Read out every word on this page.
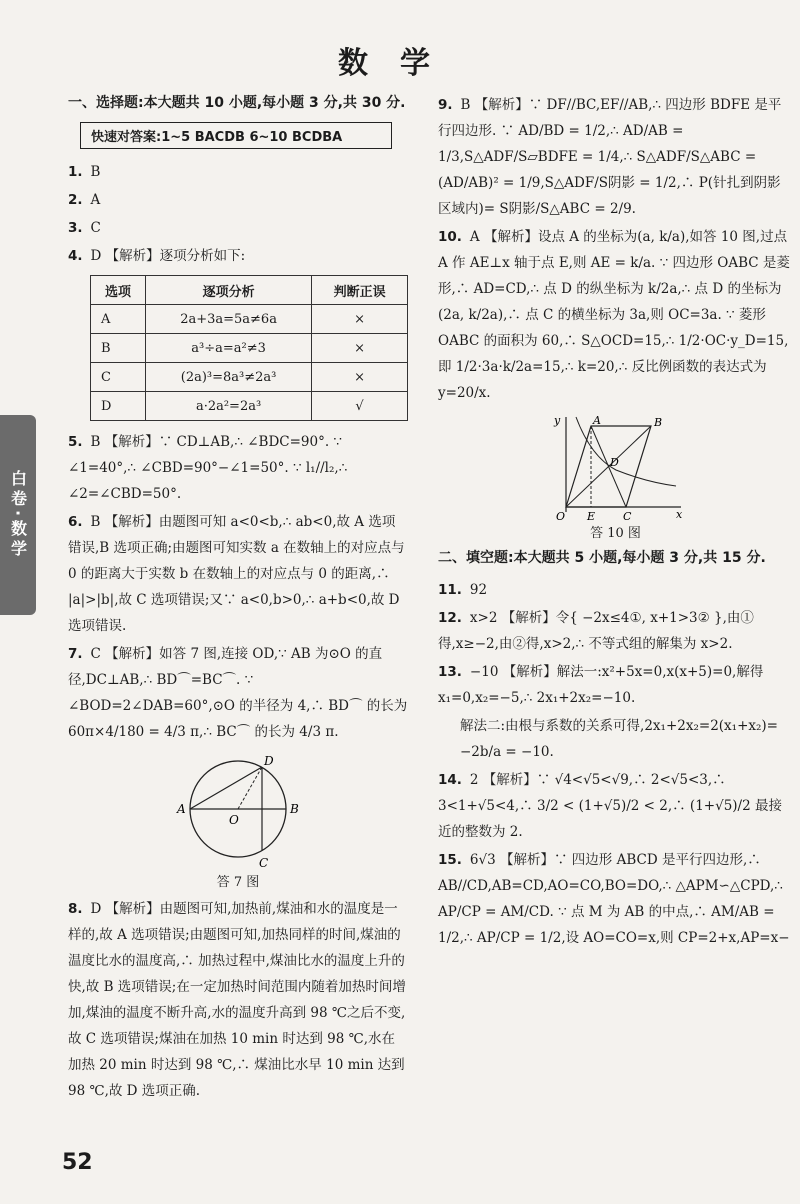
数学
白卷·数学
一、选择题:本大题共 10 小题,每小题 3 分,共 30 分.
快速对答案:1~5 BACDB 6~10 BCDBA
1. B
2. A
3. C
4. D 【解析】逐项分析如下:
选项	逐项分析	判断正误
A	2a+3a=5a≠6a	×
B	a³÷a=a²≠3	×
C	(2a)³=8a³≠2a³	×
D	a·2a²=2a³	√
5. B 【解析】∵ CD⊥AB,∴ ∠BDC=90°. ∵ ∠1=40°,∴ ∠CBD=90°−∠1=50°. ∵ l₁//l₂,∴ ∠2=∠CBD=50°.
6. B 【解析】由题图可知 a<0<b,∴ ab<0,故 A 选项错误,B 选项正确;由题图可知实数 a 在数轴上的对应点与 0 的距离大于实数 b 在数轴上的对应点与 0 的距离,∴ |a|>|b|,故 C 选项错误;又∵ a<0,b>0,∴ a+b<0,故 D 选项错误.
7. C 【解析】如答 7 图,连接 OD,∵ AB 为⊙O 的直径,DC⊥AB,∴ BD⌒=BC⌒. ∵ ∠BOD=2∠DAB=60°,⊙O 的半径为 4,∴ BD⌒ 的长为 60π×4/180 = 4/3 π,∴ BC⌒ 的长为 4/3 π.
A	B
D
C
O
答 7 图
8. D 【解析】由题图可知,加热前,煤油和水的温度是一样的,故 A 选项错误;由题图可知,加热同样的时间,煤油的温度比水的温度高,∴ 加热过程中,煤油比水的温度上升的快,故 B 选项错误;在一定加热时间范围内随着加热时间增加,煤油的温度不断升高,水的温度升高到 98 ℃之后不变,故 C 选项错误;煤油在加热 10 min 时达到 98 ℃,水在加热 20 min 时达到 98 ℃,∴ 煤油比水早 10 min 达到 98 ℃,故 D 选项正确.
9. B 【解析】∵ DF//BC,EF//AB,∴ 四边形 BDFE 是平行四边形. ∵ AD/BD = 1/2,∴ AD/AB = 1/3,S△ADF/S▱BDFE = 1/4,∴ S△ADF/S△ABC = (AD/AB)² = 1/9,S△ADF/S阴影 = 1/2,∴ P(针扎到阴影区域内)= S阴影/S△ABC = 2/9.
10. A 【解析】设点 A 的坐标为(a, k/a),如答 10 图,过点 A 作 AE⊥x 轴于点 E,则 AE = k/a. ∵ 四边形 OABC 是菱形,∴ AD=CD,∴ 点 D 的纵坐标为 k/2a,∴ 点 D 的坐标为(2a, k/2a),∴ 点 C 的横坐标为 3a,则 OC=3a. ∵ 菱形 OABC 的面积为 60,∴ S△OCD=15,∴ 1/2·OC·y_D=15,即 1/2·3a·k/2a=15,∴ k=20,∴ 反比例函数的表达式为 y=20/x.
y
x
A	B
D
O E	C
答 10 图
二、填空题:本大题共 5 小题,每小题 3 分,共 15 分.
11. 92
12. x>2 【解析】令{ −2x≤4①, x+1>3② },由①得,x≥−2,由②得,x>2,∴ 不等式组的解集为 x>2.
13. −10 【解析】解法一:x²+5x=0,x(x+5)=0,解得 x₁=0,x₂=−5,∴ 2x₁+2x₂=−10.
解法二:由根与系数的关系可得,2x₁+2x₂=2(x₁+x₂)= −2b/a = −10.
14. 2 【解析】∵ √4<√5<√9,∴ 2<√5<3,∴ 3<1+√5<4,∴ 3/2 < (1+√5)/2 < 2,∴ (1+√5)/2 最接近的整数为 2.
15. 6√3 【解析】∵ 四边形 ABCD 是平行四边形,∴ AB//CD,AB=CD,AO=CO,BO=DO,∴ △APM∽△CPD,∴ AP/CP = AM/CD. ∵ 点 M 为 AB 的中点,∴ AM/AB = 1/2,∴ AP/CP = 1/2,设 AO=CO=x,则 CP=2+x,AP=x−
52
